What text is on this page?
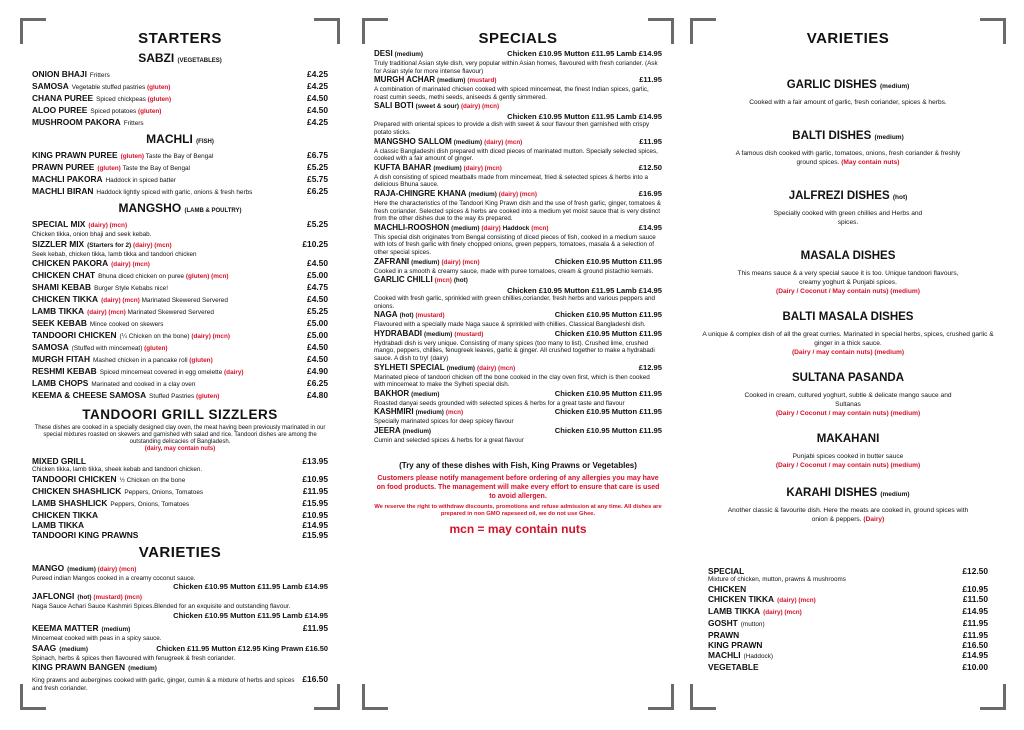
STARTERS
SABZI (VEGETABLES)
ONION BHAJI Fritters	£4.25
SAMOSA Vegetable stuffed pastries (gluten)	£4.25
CHANA PUREE Spiced chickpeas (gluten)	£4.50
ALOO PUREE Spiced potatoes (gluten)	£4.50
MUSHROOM PAKORA Fritters	£4.25
MACHLI (FISH)
KING PRAWN PUREE (gluten) Taste the Bay of Bengal	£6.75
PRAWN PUREE (gluten) Taste the Bay of Bengal	£5.25
MACHLI PAKORA Haddock in spiced batter	£5.75
MACHLI BIRAN Haddock lightly spiced with garlic, onions & fresh herbs	£6.25
MANGSHO (LAMB & POULTRY)
SPECIAL MIX (dairy) (mcn)	£5.25
Chicken tikka, onion bhaji and seek kebab.
SIZZLER MIX (Starters for 2) (dairy) (mcn)	£10.25
Seek kebab, chicken tikka, lamb tikka and tandoori chicken
CHICKEN PAKORA (dairy) (mcn)	£4.50
CHICKEN CHAT Bhuna diced chicken on puree (gluten) (mcn)	£5.00
SHAMI KEBAB Burger Style Kebabs nice!	£4.75
CHICKEN TIKKA (dairy) (mcn) Marinated Skewered Servered	£4.50
LAMB TIKKA (dairy) (mcn) Marinated Skewered Servered	£5.25
SEEK KEBAB Mince cooked on skewers	£5.00
TANDOORI CHICKEN (¼ Chicken on the bone) (dairy) (mcn)	£5.00
SAMOSA (Stuffed with mincemeat) (gluten)	£4.50
MURGH FITAH Mashed chicken in a pancake roll (gluten)	£4.50
RESHMI KEBAB Spiced mincemeat covered in egg omelette (dairy)	£4.90
LAMB CHOPS Marinated and cooked in a clay oven	£6.25
KEEMA & CHEESE SAMOSA Stuffed Pastries (gluten)	£4.80
TANDOORI GRILL SIZZLERS
These dishes are cooked in a specially designed clay oven, the meat having been previously marinated in our special mixtures roasted on skewers and garnished with salad and rice. Tandoori dishes are among the outstanding delicacies of Bangladesh.
(dairy, may contain nuts)
MIXED GRILL	£13.95
Chicken tikka, lamb tikka, sheek kebab and tandoori chicken.
TANDOORI CHICKEN ½ Chicken on the bone	£10.95
CHICKEN SHASHLICK Peppers, Onions, Tomatoes	£11.95
LAMB SHASHLICK Peppers, Onions, Tomatoes	£15.95
CHICKEN TIKKA	£10.95
LAMB TIKKA	£14.95
TANDOORI KING PRAWNS	£15.95
VARIETIES
MANGO (medium) (dairy) (mcn)
Pureed indian Mangos cooked in a creamy coconut sauce.
Chicken £10.95 Mutton £11.95 Lamb £14.95
JAFLONGI (hot) (mustard) (mcn)
Naga Sauce Achari Sauce Kashmiri Spices.Blended for an exquisite and outstanding flavour.
Chicken £10.95 Mutton £11.95 Lamb £14.95
KEEMA MATTER (medium)	£11.95
Mincemeat cooked with peas in a spicy sauce.
SAAG (medium)	Chicken £11.95 Mutton £12.95 King Prawn £16.50
Spinach, herbs & spices then flavoured with fenugreek & fresh coriander.
KING PRAWN BANGEN (medium)
King prawns and aubergines cooked with garlic, ginger, cumin & a mixture of herbs and spices and fresh coriander.
£16.50
SPECIALS
DESI (medium)	Chicken £10.95 Mutton £11.95 Lamb £14.95
Truly traditional Asian style dish, very popular within Asian homes, flavoured with fresh coriander. (Ask for Asian style for more intense flavour)
MURGH ACHAR (medium) (mustard)	£11.95
A combination of marinated chicken cooked with spiced mincemeat, the finest Indian spices, garlic, roast cumin seeds, methi seeds, aniseeds & gently simmered.
SALI BOTI (sweet & sour) (dairy) (mcn)
Chicken £10.95 Mutton £11.95 Lamb £14.95
Prepared with oriental spices to provide a dish with sweet & sour flavour then garnished with crispy potato sticks.
MANGSHO SALLOM (medium) (dairy) (mcn)	£11.95
A classic Bangladeshi dish prepared with diced pieces of marinated mutton. Specially selected spices, cooked with a fair amount of ginger.
KUFTA BAHAR (medium) (dairy) (mcn)	£12.50
A dish consisting of spiced meatballs made from mincemeat, fried & selected spices & herbs into a delicious Bhuna sauce.
RAJA-CHINGRE KHANA (medium) (dairy) (mcn)	£16.95
Here the characteristics of the Tandoori King Prawn dish and the use of fresh garlic, ginger, tomatoes & fresh coriander. Selected spices & herbs are cooked into a medium yet moist sauce that is very distinct from the other dishes due to the way its prepared.
MACHLI-ROOSHON (medium) (dairy) Haddock (mcn)	£14.95
This special dish originates from Bengal consisting of diced pieces of fish, cooked in a medium sauce with lots of fresh garlic with finely chopped onions, green peppers, tomatoes, masala & a selection of other special spices.
ZAFRANI (medium) (dairy) (mcn)	Chicken £10.95 Mutton £11.95
Cooked in a smooth & creamy sauce, made with puree tomatoes, cream & ground pistachio kernals.
GARLIC CHILLI (mcn) (hot)
Chicken £10.95 Mutton £11.95 Lamb £14.95
Cooked with fresh garlic, sprinkled with green chillies,coriander, fresh herbs and various peppers and onions.
NAGA (hot) (mustard)	Chicken £10.95 Mutton £11.95
Flavoured with a specially made Naga sauce & sprinkled with chillies. Classical Bangladeshi dish.
HYDRABADI (medium) (mustard)	Chicken £10.95 Mutton £11.95
Hydrabadi dish is very unique. Consisting of many spices (too many to list). Crushed lime, crushed mango, peppers, chillies, fenugreek leaves, garlic & ginger. All crushed together to make a hydrabadi sauce. A dish to try! (dairy)
SYLHETI SPECIAL (medium) (dairy) (mcn)	£12.95
Marinated piece of tandoori chicken off the bone cooked in the clay oven first, which is then cooked with mincemeat to make the Sylheti special dish.
BAKHOR (medium)	Chicken £10.95 Mutton £11.95
Roasted danyai seeds grounded with selected spices & herbs for a great taste and flavour
KASHMIRI (medium) (mcn)	Chicken £10.95 Mutton £11.95
Specially marinated spices for deep spicey flavour
JEERA (medium)	Chicken £10.95 Mutton £11.95
Cumin and selected spices & herbs for a great flavour
(Try any of these dishes with Fish, King Prawns or Vegetables)
Customers please notify management before ordering of any allergies you may have on food products. The management will make every effort to ensure that care is used to avoid allergen.
We reserve the right to withdraw discounts, promotions and refuse admission at any time. All dishes are prepared in non GMO rapeseed oil, we do not use Ghee.
mcn = may contain nuts
VARIETIES
GARLIC DISHES (medium)
Cooked with a fair amount of garlic, fresh coriander, spices & herbs.
BALTI DISHES (medium)
A famous dish cooked with garlic, tomatoes, onions, fresh coriander & freshly ground spices. (May contain nuts)
JALFREZI DISHES (hot)
Specially cooked with green chillies and Herbs and spices.
MASALA DISHES
This means sauce & a very special sauce it is too. Unique tandoori flavours, creamy yoghurt & Punjabi spices.
(Dairy / Coconut / May contain nuts) (medium)
BALTI MASALA DISHES
A unique & complex dish of all the great curries. Marinated in special herbs, spices, crushed garlic & ginger in a thick sauce.
(Dairy / may contain nuts) (medium)
SULTANA PASANDA
Cooked in cream, cultured yoghurt, subtle & delicate mango sauce and Sultanas
(Dairy / Coconut / may contain nuts) (medium)
MAKAHANI
Punjabi spices cooked in butter sauce
(Dairy / Coconut / may contain nuts) (medium)
KARAHI DISHES (medium)
Another classic & favourite dish. Here the meats are cooked in, ground spices with onion & peppers. (Dairy)
SPECIAL	£12.50
Mixture of chicken, mutton, prawns & mushrooms
CHICKEN	£10.95
CHICKEN TIKKA (dairy) (mcn)	£11.50
LAMB TIKKA (dairy) (mcn)	£14.95
GOSHT (mutton)	£11.95
PRAWN	£11.95
KING PRAWN	£16.50
MACHLI (Haddock)	£14.95
VEGETABLE	£10.00
